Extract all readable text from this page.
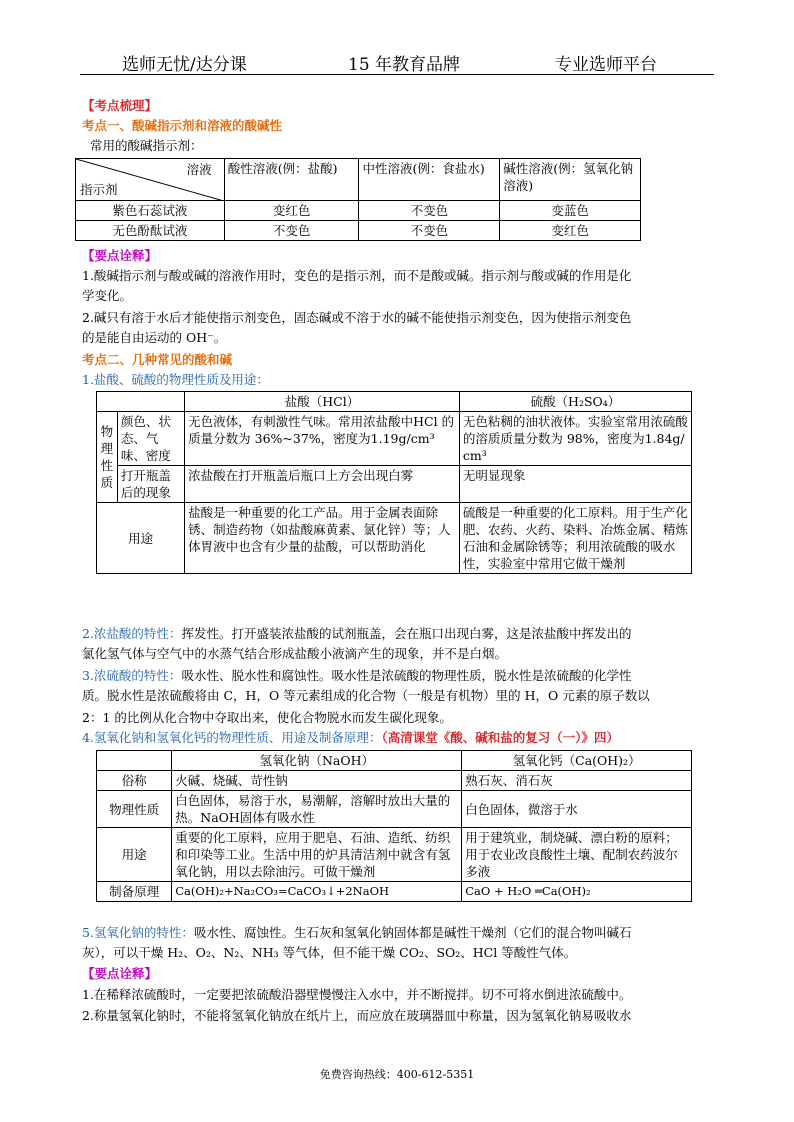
选师无忧/达分课	15 年教育品牌	专业选师平台
【考点梳理】
考点一、酸碱指示剂和溶液的酸碱性
常用的酸碱指示剂：
溶液
指示剂	酸性溶液(例：盐酸)	中性溶液(例：食盐水)	碱性溶液(例：氢氧化钠溶液)
紫色石蕊试液	变红色	不变色	变蓝色
无色酚酞试液	不变色	不变色	变红色
【要点诠释】
1.酸碱指示剂与酸或碱的溶液作用时，变色的是指示剂，而不是酸或碱。指示剂与酸或碱的作用是化
学变化。
2.碱只有溶于水后才能使指示剂变色，固态碱或不溶于水的碱不能使指示剂变色，因为使指示剂变色
的是能自由运动的 OH⁻。
考点二、几种常见的酸和碱
1.盐酸、硫酸的物理性质及用途：
		盐酸（HCl）	硫酸（H₂SO₄）
物理性质	颜色、状态、气味、密度	无色液体，有刺激性气味。常用浓盐酸中HCl 的质量分数为 36%~37%，密度为1.19g/cm³	无色粘稠的油状液体。实验室常用浓硫酸的溶质质量分数为 98%，密度为1.84g/cm³
	打开瓶盖后的现象	浓盐酸在打开瓶盖后瓶口上方会出现白雾	无明显现象
用途		盐酸是一种重要的化工产品。用于金属表面除锈、制造药物（如盐酸麻黄素、氯化锌）等；人体胃液中也含有少量的盐酸，可以帮助消化	硫酸是一种重要的化工原料。用于生产化肥、农药、火药、染料、冶炼金属、精炼石油和金属除锈等；利用浓硫酸的吸水性，实验室中常用它做干燥剂
2.浓盐酸的特性：挥发性。打开盛装浓盐酸的试剂瓶盖，会在瓶口出现白雾，这是浓盐酸中挥发出的
氯化氢气体与空气中的水蒸气结合形成盐酸小液滴产生的现象，并不是白烟。
3.浓硫酸的特性：吸水性、脱水性和腐蚀性。吸水性是浓硫酸的物理性质，脱水性是浓硫酸的化学性
质。脱水性是浓硫酸将由 C，H，O 等元素组成的化合物（一般是有机物）里的 H，O 元素的原子数以
2：1 的比例从化合物中夺取出来，使化合物脱水而发生碳化现象。
4.氢氧化钠和氢氧化钙的物理性质、用途及制备原理：（高清课堂《酸、碱和盐的复习（一）》四）
	氢氧化钠（NaOH）	氢氧化钙（Ca(OH)₂）
俗称	火碱、烧碱、苛性钠	熟石灰、消石灰
物理性质	白色固体，易溶于水，易潮解，溶解时放出大量的热。NaOH固体有吸水性	白色固体，微溶于水
用途	重要的化工原料，应用于肥皂、石油、造纸、纺织和印染等工业。生活中用的炉具清洁剂中就含有氢氧化钠，用以去除油污。可做干燥剂	用于建筑业，制烧碱、漂白粉的原料；用于农业改良酸性土壤、配制农药波尔多液
制备原理	Ca(OH)₂+Na₂CO₃=CaCO₃↓+2NaOH	CaO + H₂O ═Ca(OH)₂
5.氢氧化钠的特性：吸水性、腐蚀性。生石灰和氢氧化钠固体都是碱性干燥剂（它们的混合物叫碱石
灰），可以干燥 H₂、O₂、N₂、NH₃ 等气体，但不能干燥 CO₂、SO₂、HCl 等酸性气体。
【要点诠释】
1.在稀释浓硫酸时，一定要把浓硫酸沿器壁慢慢注入水中，并不断搅拌。切不可将水倒进浓硫酸中。
2.称量氢氧化钠时，不能将氢氧化钠放在纸片上，而应放在玻璃器皿中称量，因为氢氧化钠易吸收水
免费咨询热线：400-612-5351
